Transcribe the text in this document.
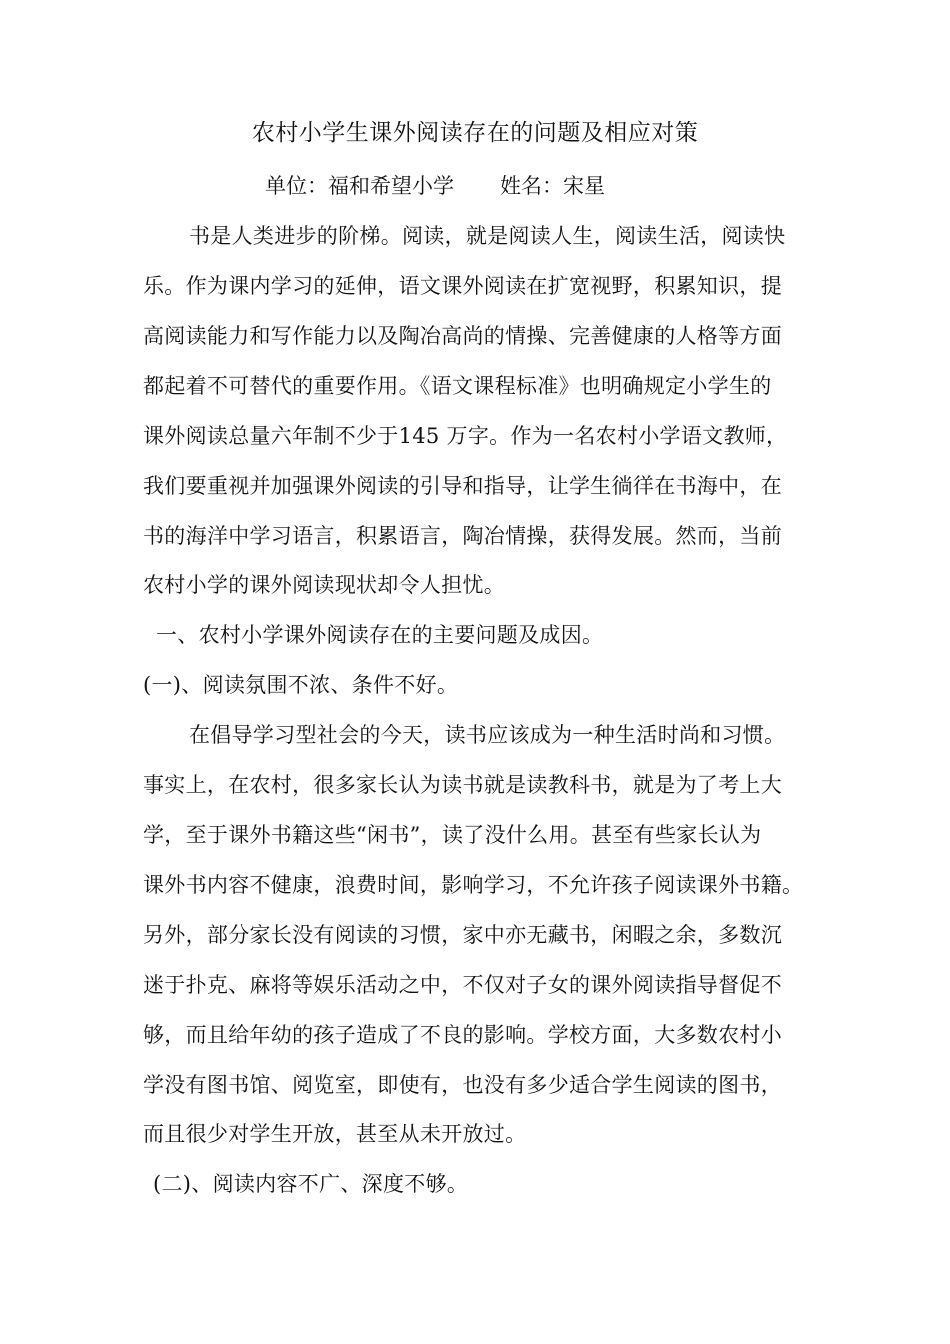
农村小学生课外阅读存在的问题及相应对策
单位：福和希望小学 姓名：宋星
书是人类进步的阶梯。阅读，就是阅读人生，阅读生活，阅读快
乐。作为课内学习的延伸，语文课外阅读在扩宽视野，积累知识，提
高阅读能力和写作能力以及陶冶高尚的情操、完善健康的人格等方面
都起着不可替代的重要作用。《语文课程标准》也明确规定小学生的
课外阅读总量六年制不少于145 万字。作为一名农村小学语文教师，
我们要重视并加强课外阅读的引导和指导，让学生徜徉在书海中，在
书的海洋中学习语言，积累语言，陶冶情操，获得发展。然而，当前
农村小学的课外阅读现状却令人担忧。
一、农村小学课外阅读存在的主要问题及成因。
(一)、阅读氛围不浓、条件不好。
在倡导学习型社会的今天，读书应该成为一种生活时尚和习惯。
事实上，在农村，很多家长认为读书就是读教科书，就是为了考上大
学，至于课外书籍这些“闲书”，读了没什么用。甚至有些家长认为
课外书内容不健康，浪费时间，影响学习，不允许孩子阅读课外书籍。
另外，部分家长没有阅读的习惯，家中亦无藏书，闲暇之余，多数沉
迷于扑克、麻将等娱乐活动之中，不仅对子女的课外阅读指导督促不
够，而且给年幼的孩子造成了不良的影响。学校方面，大多数农村小
学没有图书馆、阅览室，即使有，也没有多少适合学生阅读的图书，
而且很少对学生开放，甚至从未开放过。
(二)、阅读内容不广、深度不够。
